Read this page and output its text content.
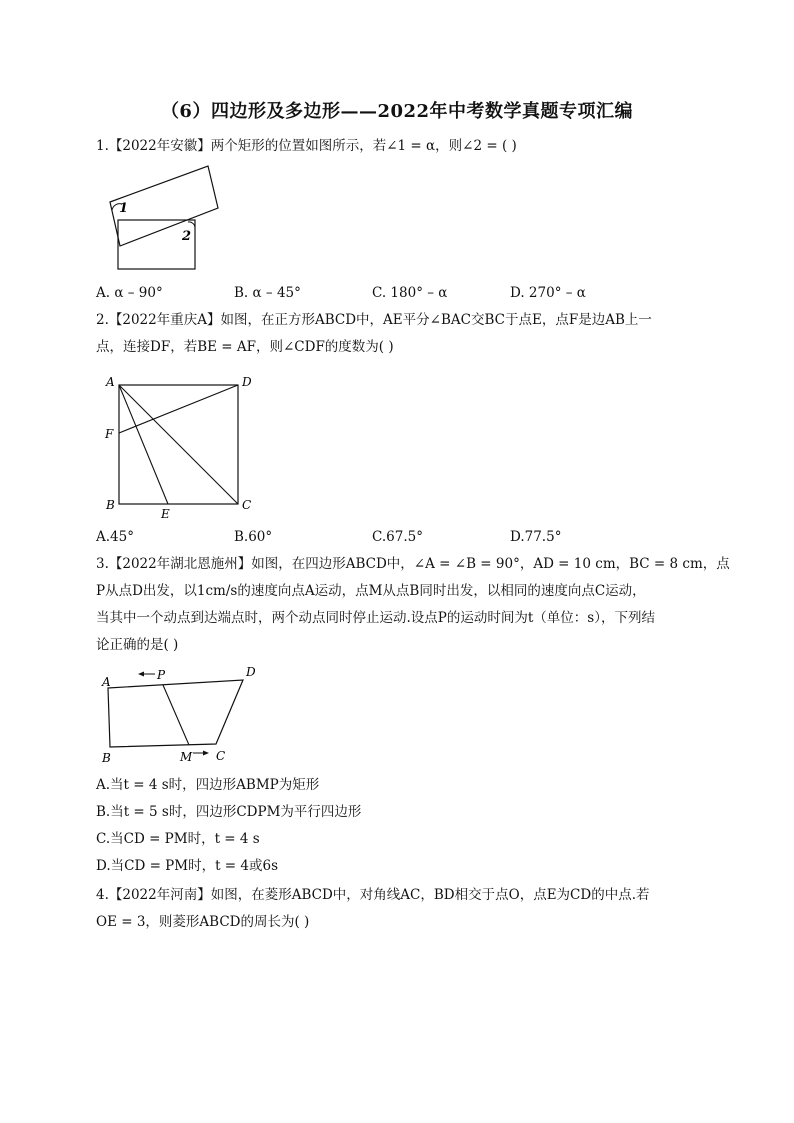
（6）四边形及多边形——2022年中考数学真题专项汇编
1.【2022年安徽】两个矩形的位置如图所示，若∠1 = α，则∠2 = ( )
1
2
A. α – 90°	B. α – 45°	C. 180° – α	D. 270° – α
2.【2022年重庆A】如图，在正方形ABCD中，AE平分∠BAC交BC于点E，点F是边AB上一
点，连接DF，若BE = AF，则∠CDF的度数为( )
A	D
F
B
E
C
A.45°	B.60°	C.67.5°	D.77.5°
3.【2022年湖北恩施州】如图，在四边形ABCD中，∠A = ∠B = 90°，AD = 10 cm，BC = 8 cm，点
P从点D出发，以1cm/s的速度向点A运动，点M从点B同时出发，以相同的速度向点C运动，
当其中一个动点到达端点时，两个动点同时停止运动.设点P的运动时间为t（单位：s），下列结
论正确的是( )
A	P	D
B	M C
A.当t = 4 s时，四边形ABMP为矩形
B.当t = 5 s时，四边形CDPM为平行四边形
C.当CD = PM时，t = 4 s
D.当CD = PM时，t = 4或6s
4.【2022年河南】如图，在菱形ABCD中，对角线AC，BD相交于点O，点E为CD的中点.若
OE = 3，则菱形ABCD的周长为( )
